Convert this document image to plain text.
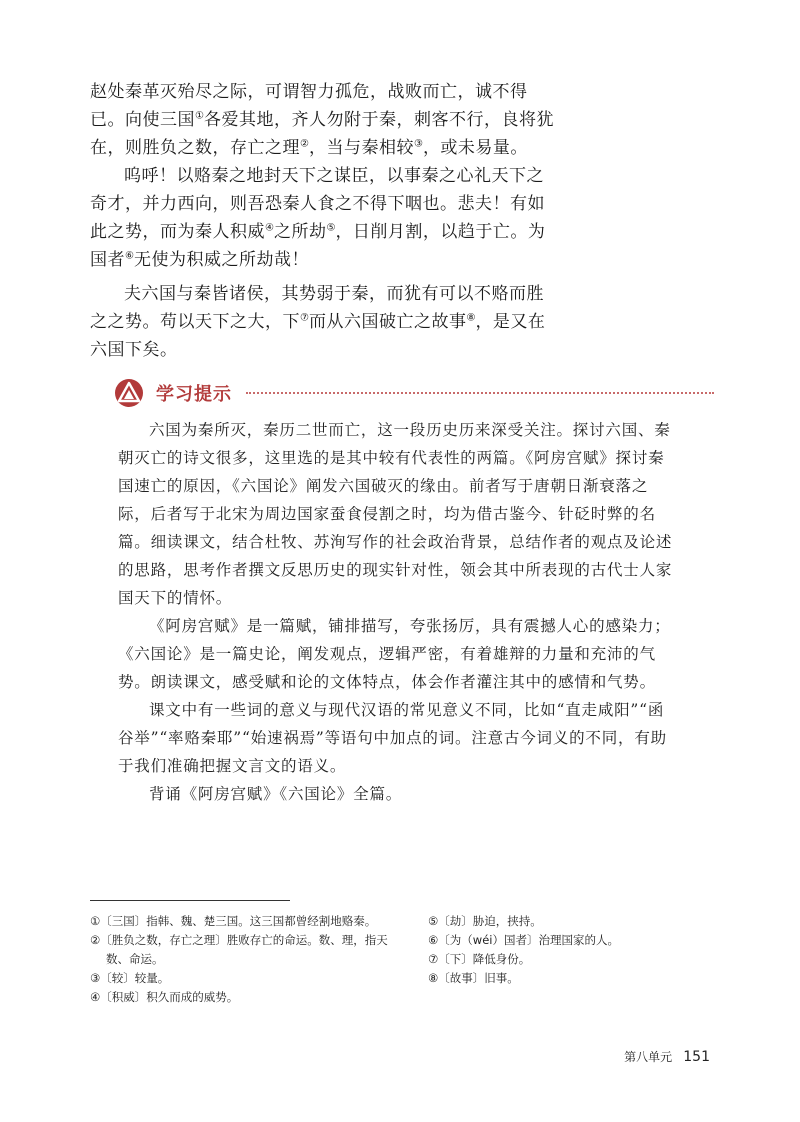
赵处秦革灭殆尽之际，可谓智力孤危，战败而亡，诚不得已。向使三国①各爱其地，齐人勿附于秦，刺客不行，良将犹在，则胜负之数，存亡之理②，当与秦相较③，或未易量。

呜呼！以赂秦之地封天下之谋臣，以事秦之心礼天下之奇才，并力西向，则吾恐秦人食之不得下咽也。悲夫！有如此之势，而为秦人积威④之所劫⑤，日削月割，以趋于亡。为国者⑥无使为积威之所劫哉！

夫六国与秦皆诸侯，其势弱于秦，而犹有可以不赂而胜之之势。苟以天下之大，下⑦而从六国破亡之故事⑧，是又在六国下矣。

学习提示

六国为秦所灭，秦历二世而亡，这一段历史历来深受关注。探讨六国、秦朝灭亡的诗文很多，这里选的是其中较有代表性的两篇。《阿房宫赋》探讨秦国速亡的原因，《六国论》阐发六国破灭的缘由。前者写于唐朝日渐衰落之际，后者写于北宋为周边国家蚕食侵割之时，均为借古鉴今、针砭时弊的名篇。细读课文，结合杜牧、苏洵写作的社会政治背景，总结作者的观点及论述的思路，思考作者撰文反思历史的现实针对性，领会其中所表现的古代士人家国天下的情怀。

《阿房宫赋》是一篇赋，铺排描写，夸张扬厉，具有震撼人心的感染力；《六国论》是一篇史论，阐发观点，逻辑严密，有着雄辩的力量和充沛的气势。朗读课文，感受赋和论的文体特点，体会作者灌注其中的感情和气势。

课文中有一些词的意义与现代汉语的常见意义不同，比如“直走咸阳”“函谷举”“率赂秦耶”“始速祸焉”等语句中加点的词。注意古今词义的不同，有助于我们准确把握文言文的语义。

背诵《阿房宫赋》《六国论》全篇。

①〔三国〕指韩、魏、楚三国。这三国都曾经割地赂秦。

②〔胜负之数，存亡之理〕胜败存亡的命运。数、理，指天数、命运。

③〔较〕较量。

④〔积威〕积久而成的威势。

⑤〔劫〕胁迫，挟持。

⑥〔为（wéi）国者〕治理国家的人。

⑦〔下〕降低身份。

⑧〔故事〕旧事。

第八单元 151
